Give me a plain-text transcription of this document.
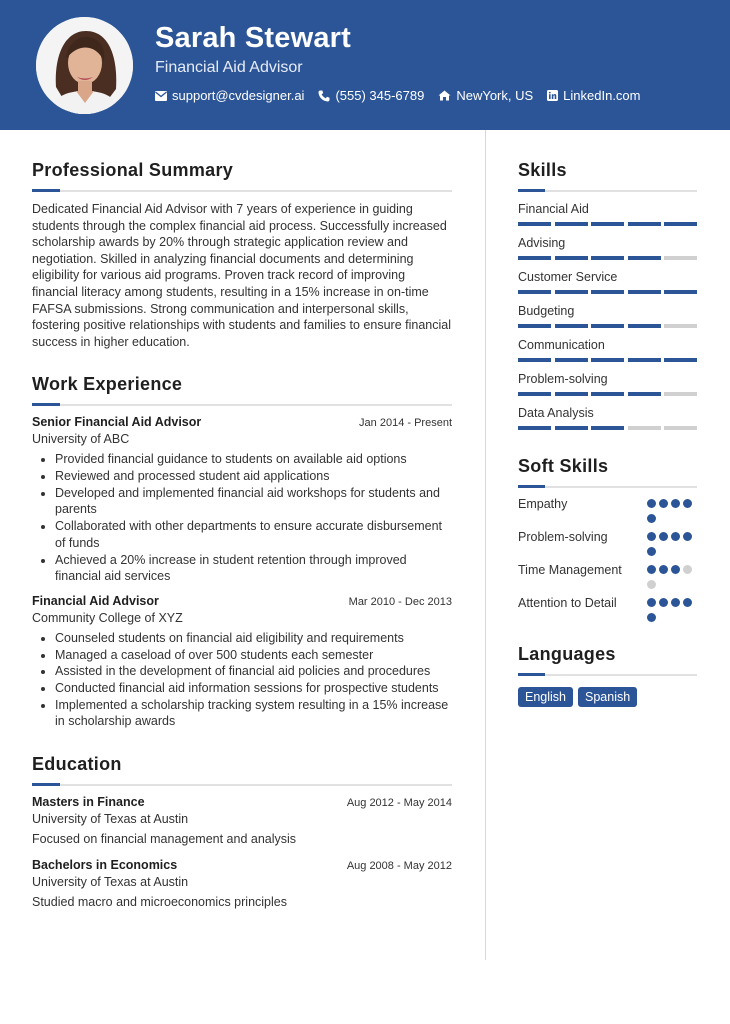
Sarah Stewart
Financial Aid Advisor
support@cvdesigner.ai (555) 345-6789 NewYork, US LinkedIn.com
Professional Summary

Dedicated Financial Aid Advisor with 7 years of experience in guiding students through the complex financial aid process. Successfully increased scholarship awards by 20% through strategic application review and negotiation. Skilled in analyzing financial documents and determining eligibility for various aid programs. Proven track record of improving financial literacy among students, resulting in a 15% increase in on-time FAFSA submissions. Strong communication and interpersonal skills, fostering positive relationships with students and families to ensure financial success in higher education.

Work Experience
Senior Financial Aid Advisor	Jan 2014 - Present
University of ABC
• Provided financial guidance to students on available aid options
• Reviewed and processed student aid applications
• Developed and implemented financial aid workshops for students and parents
• Collaborated with other departments to ensure accurate disbursement of funds
• Achieved a 20% increase in student retention through improved financial aid services
Financial Aid Advisor	Mar 2010 - Dec 2013
Community College of XYZ
• Counseled students on financial aid eligibility and requirements
• Managed a caseload of over 500 students each semester
• Assisted in the development of financial aid policies and procedures
• Conducted financial aid information sessions for prospective students
• Implemented a scholarship tracking system resulting in a 15% increase in scholarship awards
Education
Masters in Finance	Aug 2012 - May 2014
University of Texas at Austin
Focused on financial management and analysis
Bachelors in Economics	Aug 2008 - May 2012
University of Texas at Austin
Studied macro and microeconomics principles
Skills
Financial Aid
Advising
Customer Service
Budgeting
Communication
Problem-solving
Data Analysis
Soft Skills
Empathy
Problem-solving
Time Management
Attention to Detail
Languages
English	Spanish
